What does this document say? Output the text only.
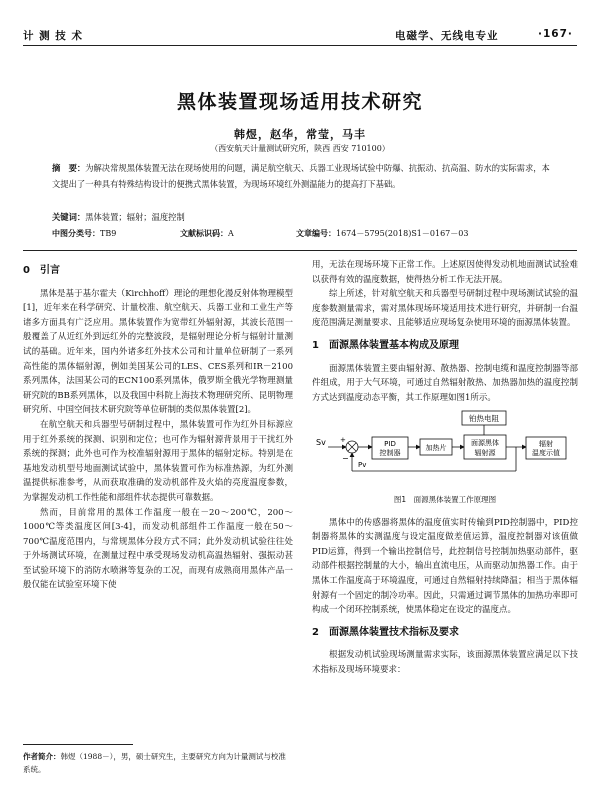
计 测 技 术	电磁学、无线电专业	·167·
黑体装置现场适用技术研究
韩煜，赵华，常莹，马丰
（西安航天计量测试研究所，陕西 西安 710100）
摘　要：为解决常规黑体装置无法在现场使用的问题，满足航空航天、兵器工业现场试验中防爆、抗振动、抗高温、防水的实际需求，本文提出了一种具有特殊结构设计的便携式黑体装置，为现场环境红外测温能力的提高打下基础。
关键词：黑体装置；辐射；温度控制
中图分类号：TB9	文献标识码：A	文章编号：1674－5795(2018)S1－0167－03
0　引言

黑体是基于基尔霍夫（Kirchhoff）理论的理想化漫反射体物理模型[1]，近年来在科学研究、计量校准、航空航天、兵器工业和工业生产等诸多方面具有广泛应用。黑体装置作为宽带红外辐射源，其波长范围一般覆盖了从近红外到远红外的完整波段，是辐射理论分析与辐射计量测试的基础。近年来，国内外诸多红外技术公司和计量单位研制了一系列高性能的黑体辐射源，例如美国某公司的LES、CES系列和IR－2100系列黑体，法国某公司的ECN100系列黑体，俄罗斯全俄光学物理测量研究院的BB系列黑体，以及我国中科院上海技术物理研究所、昆明物理研究所、中国空间技术研究院等单位研制的类似黑体装置[2]。

在航空航天和兵器型号研制过程中，黑体装置可作为红外目标源应用于红外系统的探测、识别和定位；也可作为辐射源背景用于干扰红外系统的探测；此外也可作为校准辐射源用于黑体的辐射定标。特别是在基地发动机型号地面测试试验中，黑体装置可作为标准热源，为红外测温提供标准参考，从而获取准确的发动机部件及火焰的亮度温度参数，为掌握发动机工作性能和部组件状态提供可靠数据。

然而，目前常用的黑体工作温度一般在－20～200℃，200～1000℃等类温度区间[3-4]，而发动机部组件工作温度一般在50～700℃温度范围内，与常规黑体分段方式不同；此外发动机试验往往处于外场测试环境，在测量过程中承受现场发动机高温热辐射、强振动甚至试验环境下的消防水喷淋等复杂的工况，而现有成熟商用黑体产品一般仅能在试验室环境下使

用，无法在现场环境下正常工作。上述原因使得发动机地面测试试验难以获得有效的温度数据，使得热分析工作无法开展。

综上所述，针对航空航天和兵器型号研制过程中现场测试试验的温度参数测量需求，需对黑体现场环境适用技术进行研究，并研制一台温度范围满足测量要求、且能够适应现场复杂使用环境的面源黑体装置。

1　面源黑体装置基本构成及原理

面源黑体装置主要由辐射源、散热器、控制电缆和温度控制器等部件组成，用于大气环境，可通过自然辐射散热、加热器加热的温度控制方式达到温度动态平衡，其工作原理如图1所示。

铂热电阻
Sv +
−
PID
控制器
加热片
面源黑体
辐射源
辐射
温度示值
Pv
图1　面源黑体装置工作原理图

黑体中的传感器将黑体的温度值实时传输到PID控制器中，PID控制器将黑体的实测温度与设定温度做差值运算，温度控制器对该值做PID运算，得到一个输出控制信号，此控制信号控制加热驱动部件，驱动部件根据控制量的大小，输出直流电压，从而驱动加热器工作。由于黑体工作温度高于环境温度，可通过自然辐射持续降温；相当于黑体辐射源有一个固定的制冷功率。因此，只需通过调节黑体的加热功率即可构成一个闭环控制系统，使黑体稳定在设定的温度点。

2　面源黑体装置技术指标及要求

根据发动机试验现场测量需求实际，该面源黑体装置应满足以下技术指标及现场环境要求：

作者简介：韩煜（1988－），男，硕士研究生，主要研究方向为计量测试与校准系统。
